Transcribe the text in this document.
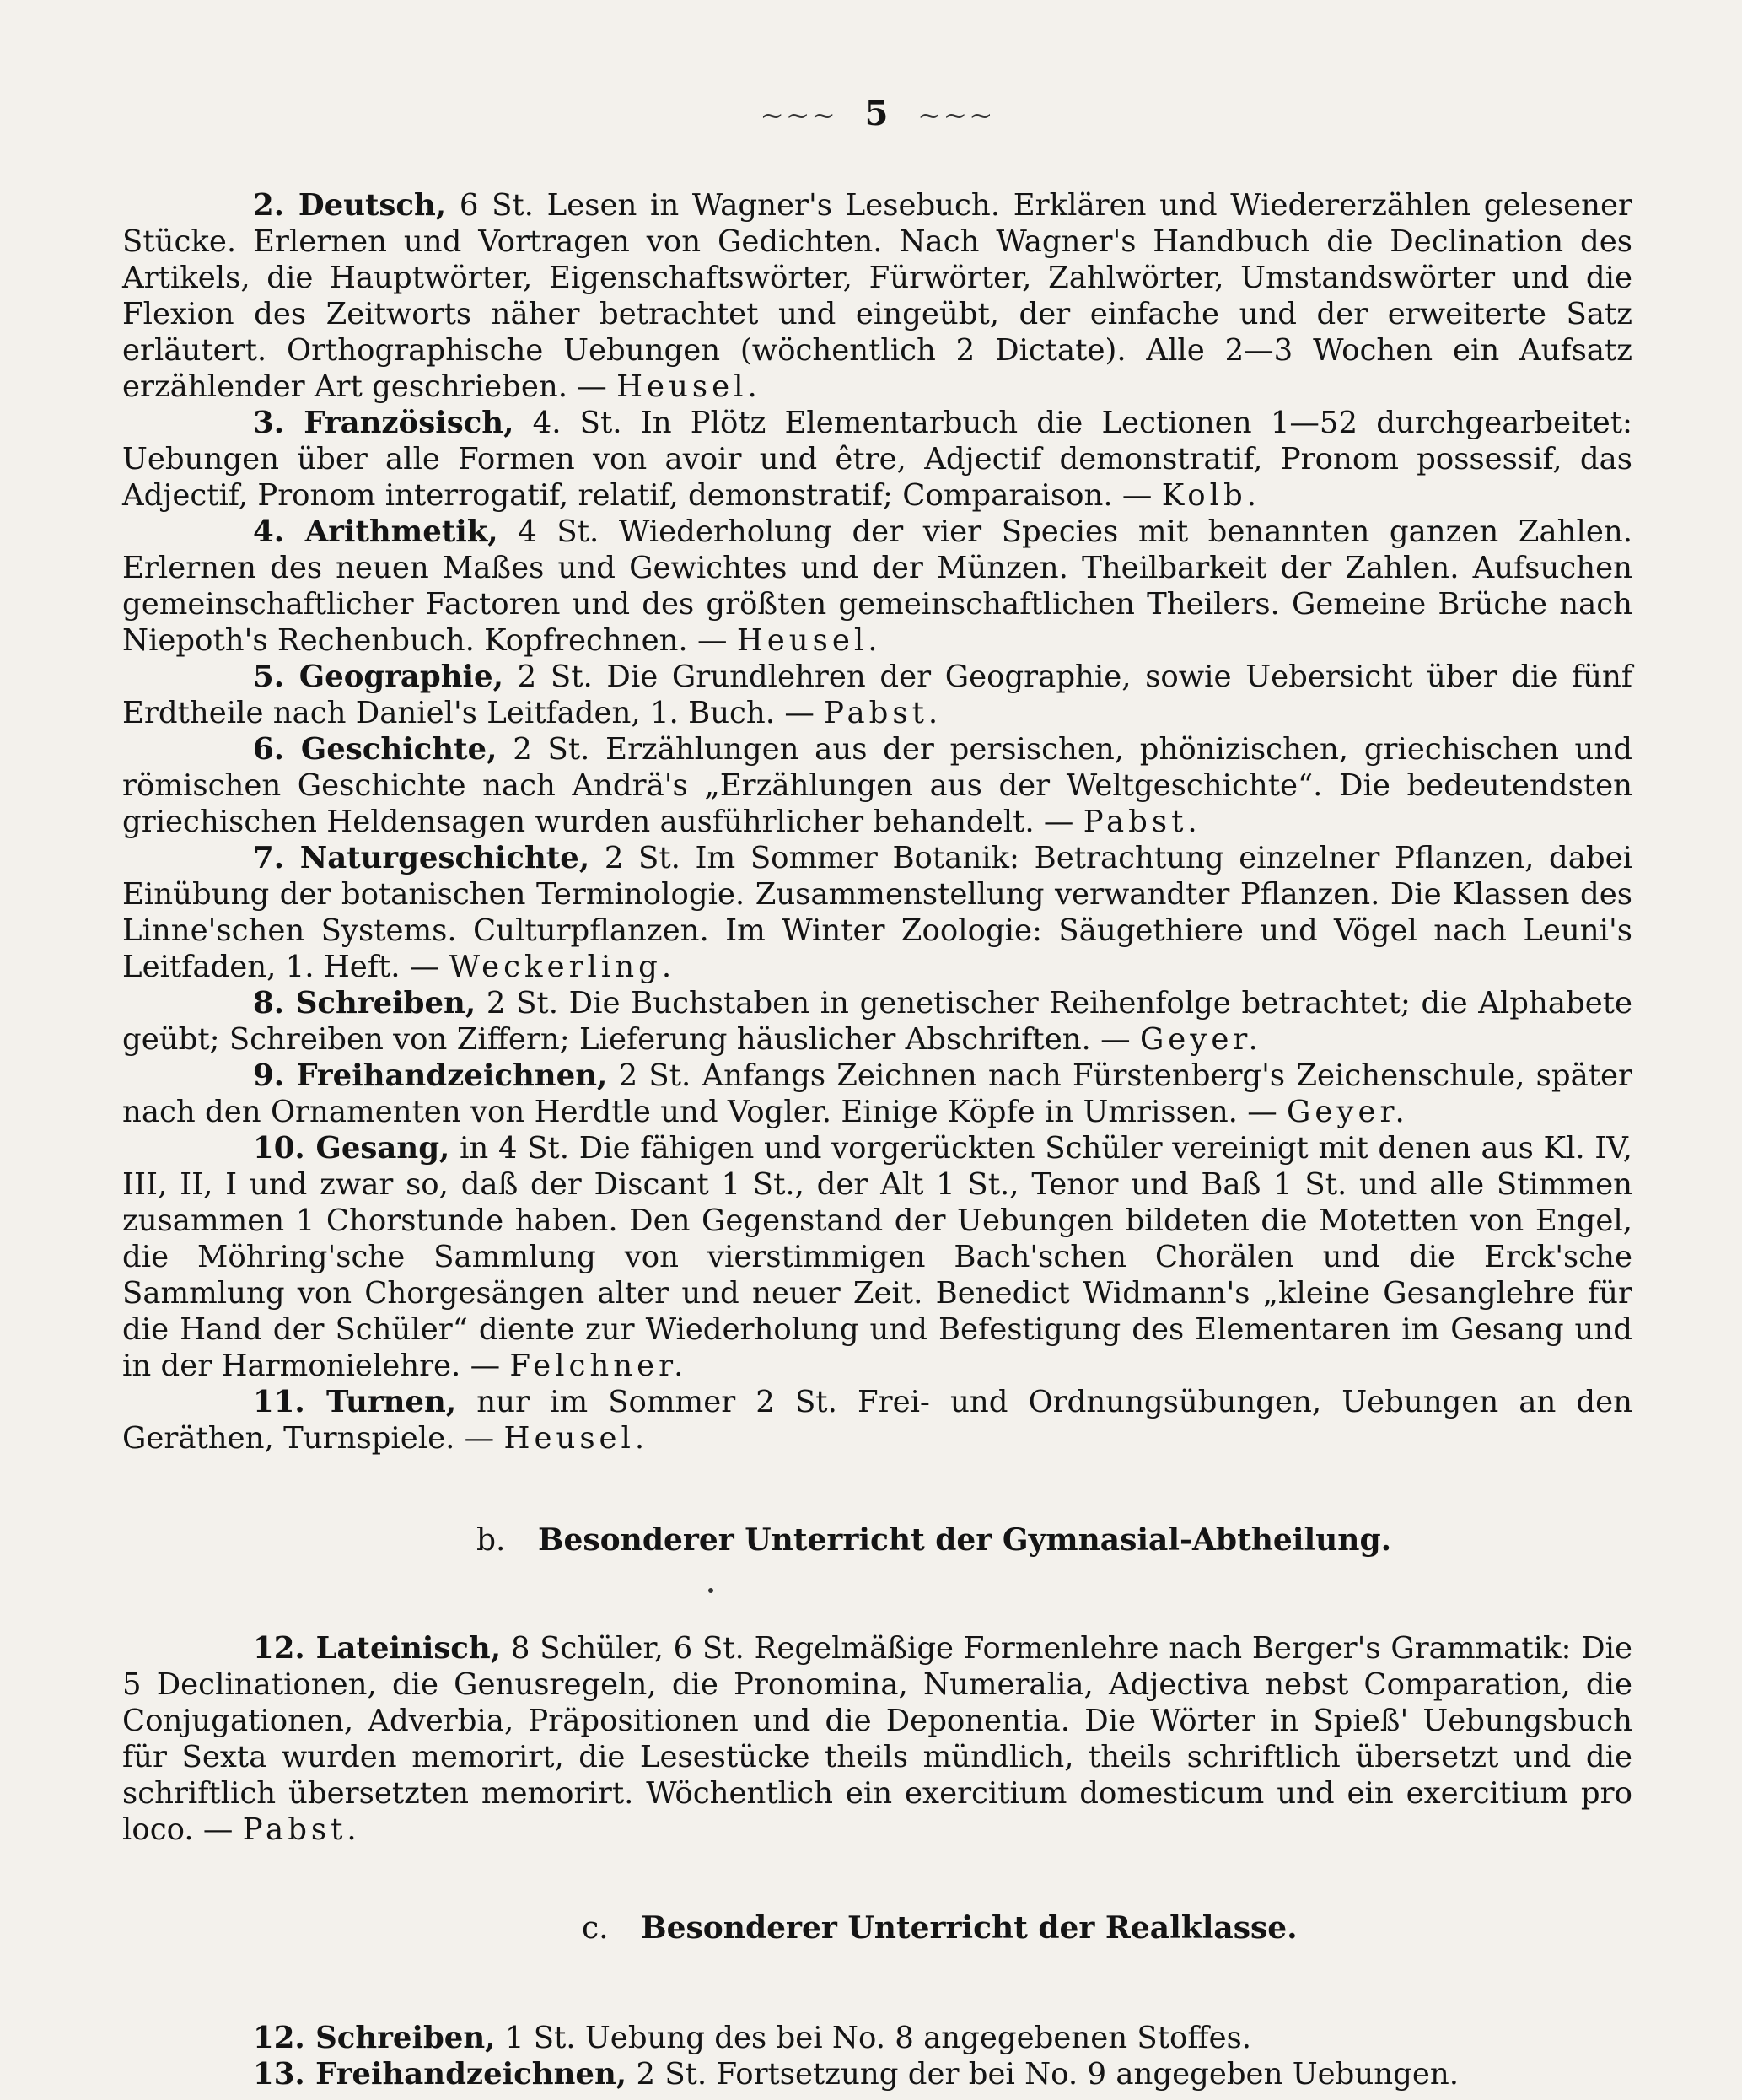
~~~ 5 ~~~

2. Deutsch, 6 St. Lesen in Wagner's Lesebuch. Erklären und Wiedererzählen gelesener Stücke. Erlernen und Vortragen von Gedichten. Nach Wagner's Handbuch die Declination des Artikels, die Hauptwörter, Eigenschaftswörter, Fürwörter, Zahlwörter, Umstandswörter und die Flexion des Zeitworts näher betrachtet und eingeübt, der einfache und der erweiterte Satz erläutert. Orthographische Uebungen (wöchentlich 2 Dictate). Alle 2—3 Wochen ein Aufsatz erzählender Art geschrieben. — Heusel.

3. Französisch, 4. St. In Plötz Elementarbuch die Lectionen 1—52 durchgearbeitet: Uebungen über alle Formen von avoir und être, Adjectif demonstratif, Pronom possessif, das Adjectif, Pronom interrogatif, relatif, demonstratif; Comparaison. — Kolb.

4. Arithmetik, 4 St. Wiederholung der vier Species mit benannten ganzen Zahlen. Erlernen des neuen Maßes und Gewichtes und der Münzen. Theilbarkeit der Zahlen. Aufsuchen gemeinschaftlicher Factoren und des größten gemeinschaftlichen Theilers. Gemeine Brüche nach Niepoth's Rechenbuch. Kopfrechnen. — Heusel.

5. Geographie, 2 St. Die Grundlehren der Geographie, sowie Uebersicht über die fünf Erdtheile nach Daniel's Leitfaden, 1. Buch. — Pabst.

6. Geschichte, 2 St. Erzählungen aus der persischen, phönizischen, griechischen und römischen Geschichte nach Andrä's „Erzählungen aus der Weltgeschichte“. Die bedeutendsten griechischen Heldensagen wurden ausführlicher behandelt. — Pabst.

7. Naturgeschichte, 2 St. Im Sommer Botanik: Betrachtung einzelner Pflanzen, dabei Einübung der botanischen Terminologie. Zusammenstellung verwandter Pflanzen. Die Klassen des Linne'schen Systems. Culturpflanzen. Im Winter Zoologie: Säugethiere und Vögel nach Leuni's Leitfaden, 1. Heft. — Weckerling.

8. Schreiben, 2 St. Die Buchstaben in genetischer Reihenfolge betrachtet; die Alphabete geübt; Schreiben von Ziffern; Lieferung häuslicher Abschriften. — Geyer.

9. Freihandzeichnen, 2 St. Anfangs Zeichnen nach Fürstenberg's Zeichenschule, später nach den Ornamenten von Herdtle und Vogler. Einige Köpfe in Umrissen. — Geyer.

10. Gesang, in 4 St. Die fähigen und vorgerückten Schüler vereinigt mit denen aus Kl. IV, III, II, I und zwar so, daß der Discant 1 St., der Alt 1 St., Tenor und Baß 1 St. und alle Stimmen zusammen 1 Chorstunde haben. Den Gegenstand der Uebungen bildeten die Motetten von Engel, die Möhring'sche Sammlung von vierstimmigen Bach'schen Chorälen und die Erck'sche Sammlung von Chorgesängen alter und neuer Zeit. Benedict Widmann's „kleine Gesanglehre für die Hand der Schüler“ diente zur Wiederholung und Befestigung des Elementaren im Gesang und in der Harmonielehre. — Felchner.

11. Turnen, nur im Sommer 2 St. Frei- und Ordnungsübungen, Uebungen an den Geräthen, Turnspiele. — Heusel.

b. Besonderer Unterricht der Gymnasial-Abtheilung.

12. Lateinisch, 8 Schüler, 6 St. Regelmäßige Formenlehre nach Berger's Grammatik: Die 5 Declinationen, die Genusregeln, die Pronomina, Numeralia, Adjectiva nebst Comparation, die Conjugationen, Adverbia, Präpositionen und die Deponentia. Die Wörter in Spieß' Uebungsbuch für Sexta wurden memorirt, die Lesestücke theils mündlich, theils schriftlich übersetzt und die schriftlich übersetzten memorirt. Wöchentlich ein exercitium domesticum und ein exercitium pro loco. — Pabst.

c. Besonderer Unterricht der Realklasse.

12. Schreiben, 1 St. Uebung des bei No. 8 angegebenen Stoffes.

13. Freihandzeichnen, 2 St. Fortsetzung der bei No. 9 angegeben Uebungen.
